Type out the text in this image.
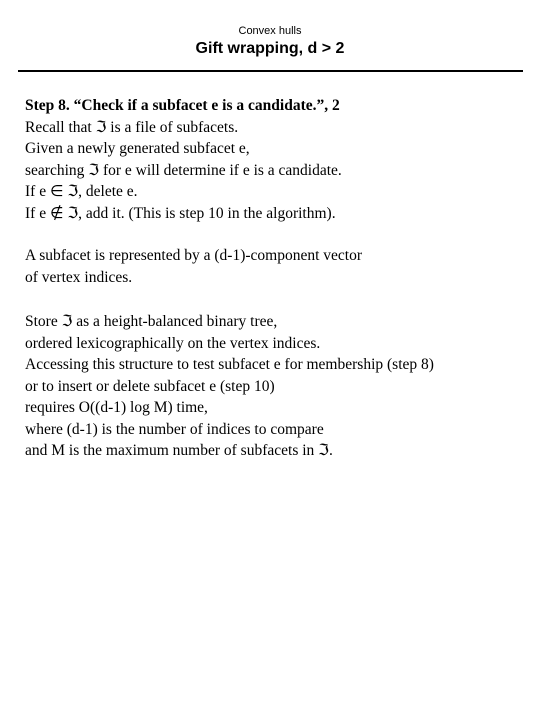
Convex hulls
Gift wrapping, d > 2
Step 8. “Check if a subfacet e is a candidate.”, 2
Recall that ℑ is a file of subfacets.
Given a newly generated subfacet e,
searching ℑ for e will determine if e is a candidate.
If e ∈ ℑ, delete e.
If e ∉ ℑ, add it. (This is step 10 in the algorithm).
A subfacet is represented by a (d-1)-component vector
of vertex indices.
Store ℑ as a height-balanced binary tree,
ordered lexicographically on the vertex indices.
Accessing this structure to test subfacet e for membership (step 8)
or to insert or delete subfacet e (step 10)
requires O((d-1) log M) time,
where (d-1) is the number of indices to compare
and M is the maximum number of subfacets in ℑ.
